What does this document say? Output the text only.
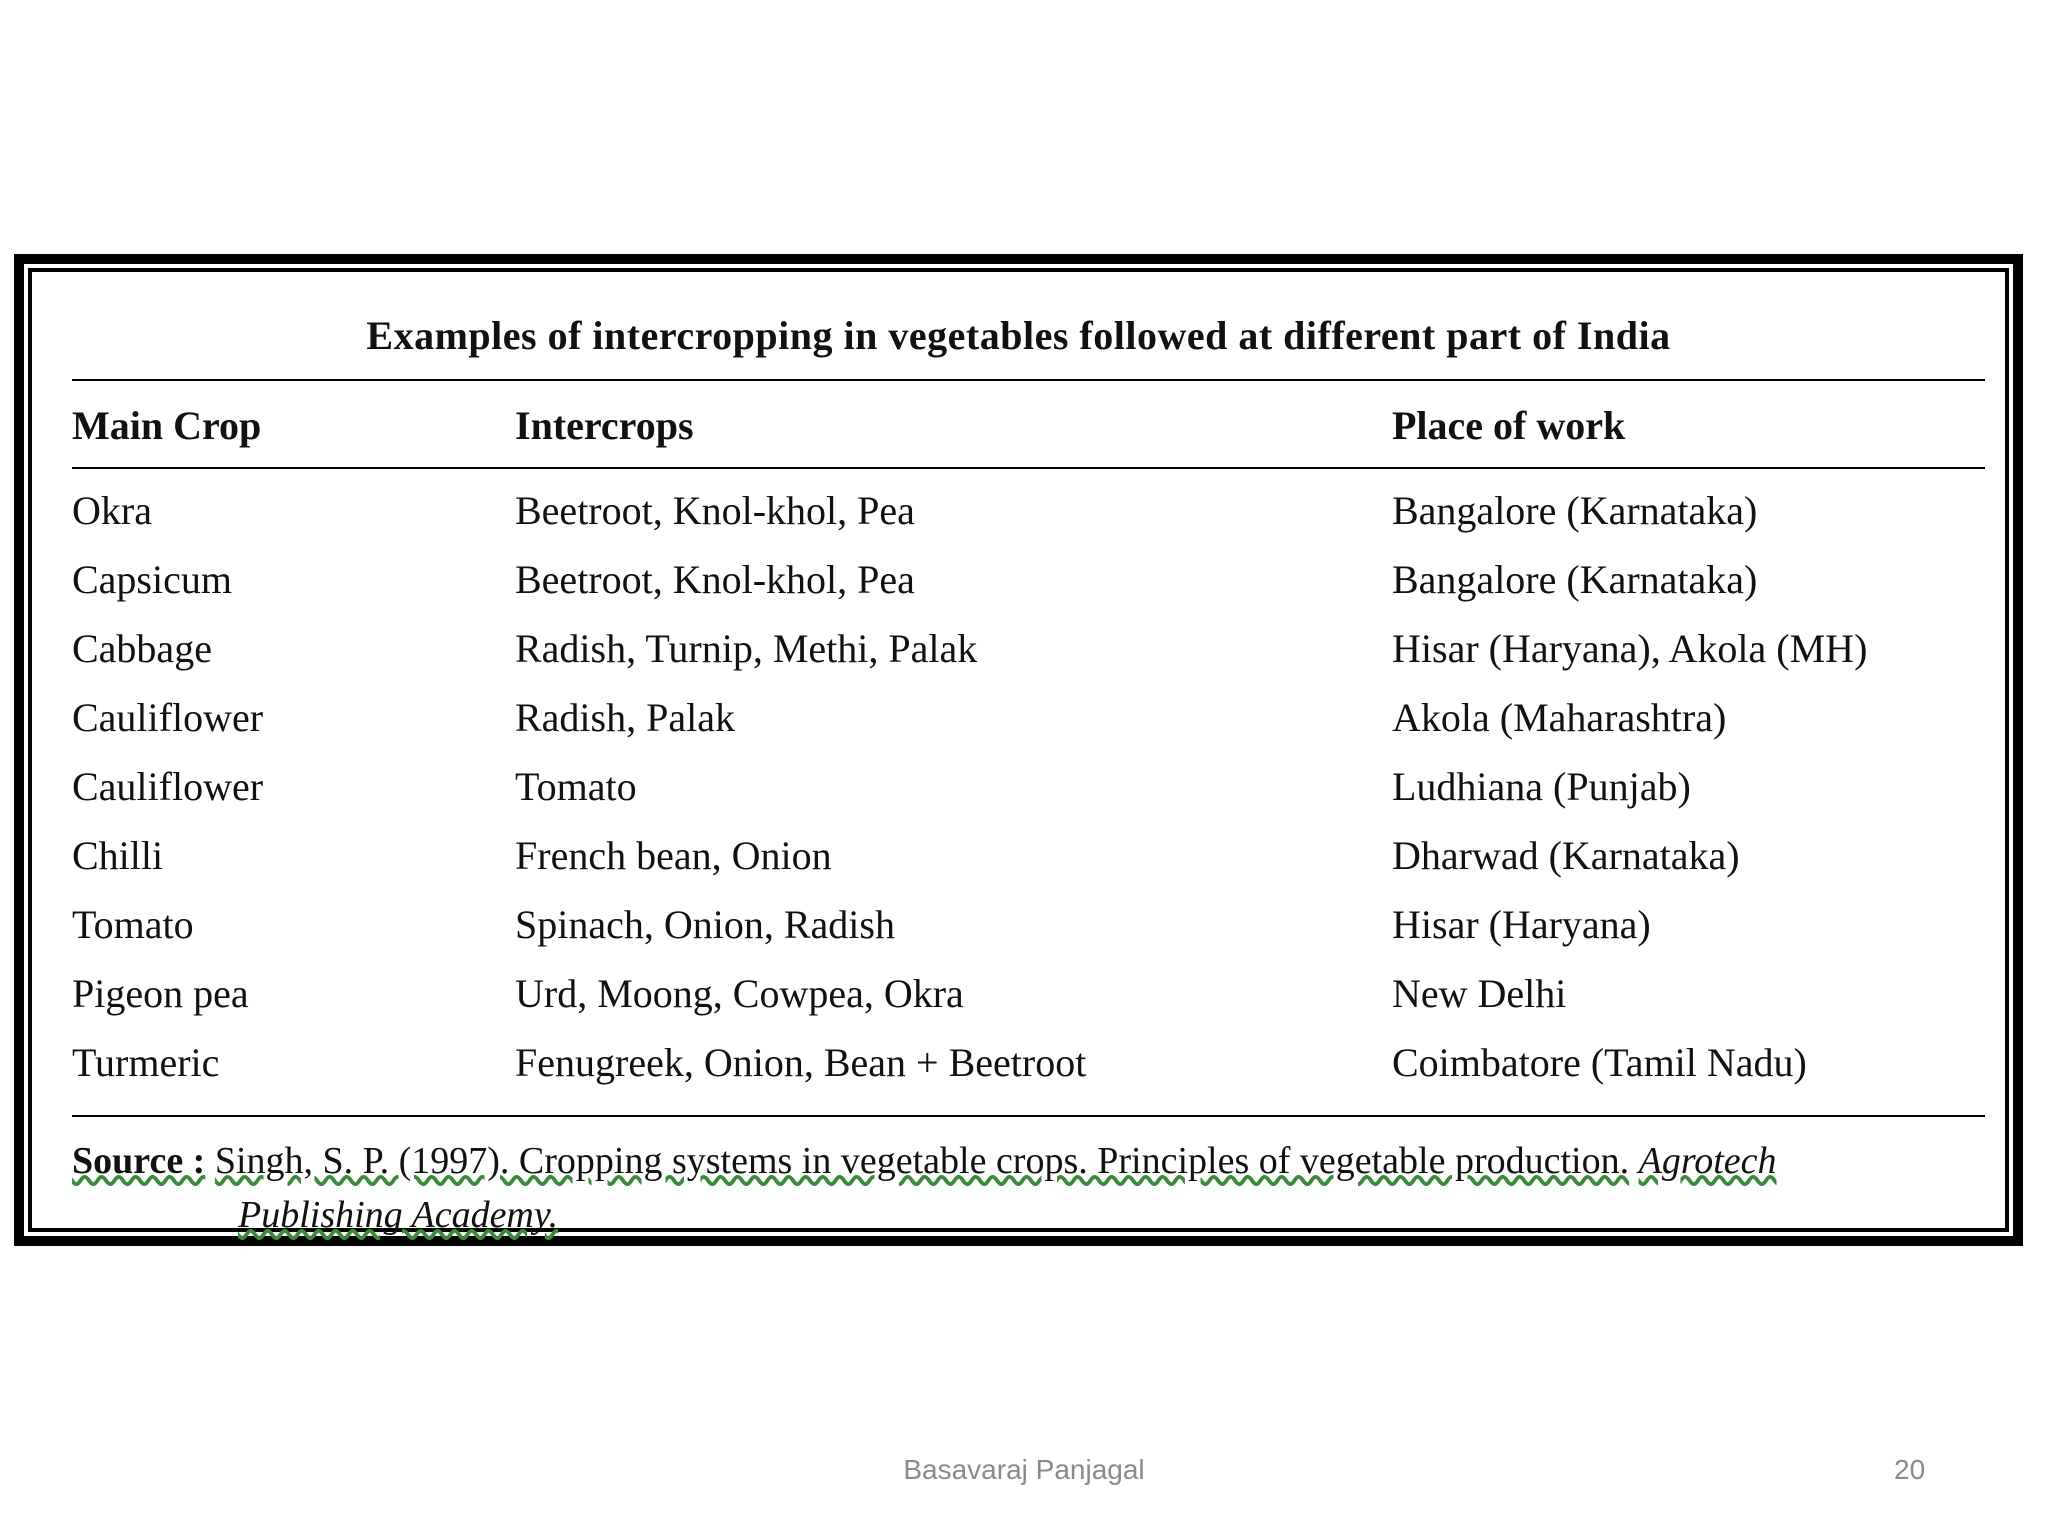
Examples of intercropping in vegetables followed at different part of India
Main Crop	Intercrops	Place of work
Okra	Beetroot, Knol-khol, Pea	Bangalore (Karnataka)
Capsicum	Beetroot, Knol-khol, Pea	Bangalore (Karnataka)
Cabbage	Radish, Turnip, Methi, Palak	Hisar (Haryana), Akola (MH)
Cauliflower	Radish, Palak	Akola (Maharashtra)
Cauliflower	Tomato	Ludhiana (Punjab)
Chilli	French bean, Onion	Dharwad (Karnataka)
Tomato	Spinach, Onion, Radish	Hisar (Haryana)
Pigeon pea	Urd, Moong, Cowpea, Okra	New Delhi
Turmeric	Fenugreek, Onion, Bean + Beetroot	Coimbatore (Tamil Nadu)
Source : Singh, S. P. (1997). Cropping systems in vegetable crops. Principles of vegetable production. Agrotech
Publishing Academy.
Basavaraj Panjagal	20
